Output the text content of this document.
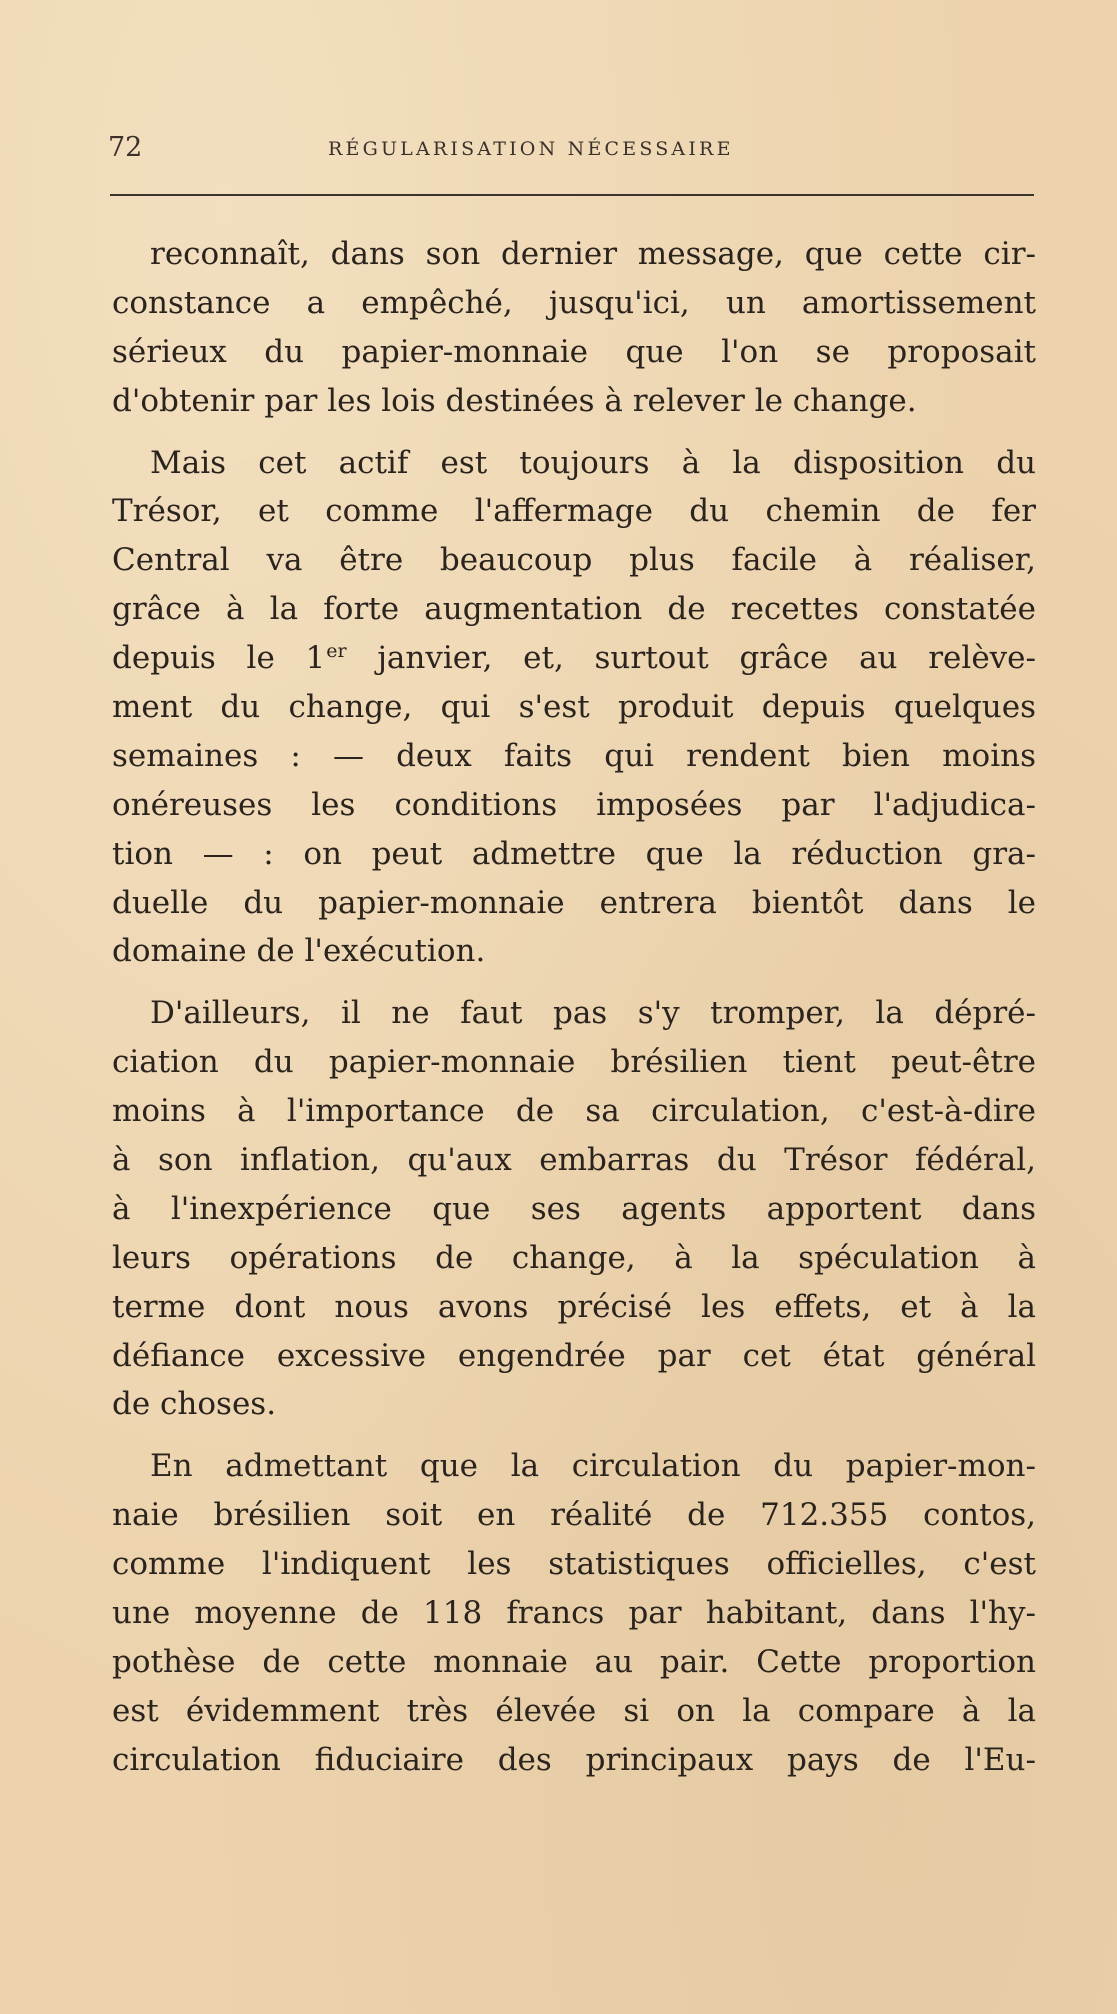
72	RÉGULARISATION NÉCESSAIRE
reconnaît, dans son dernier message, que cette cir-
constance a empêché, jusqu'ici, un amortissement
sérieux du papier-monnaie que l'on se proposait
d'obtenir par les lois destinées à relever le change.
Mais cet actif est toujours à la disposition du
Trésor, et comme l'affermage du chemin de fer
Central va être beaucoup plus facile à réaliser,
grâce à la forte augmentation de recettes constatée
depuis le 1er janvier, et, surtout grâce au relève-
ment du change, qui s'est produit depuis quelques
semaines : — deux faits qui rendent bien moins
onéreuses les conditions imposées par l'adjudica-
tion — : on peut admettre que la réduction gra-
duelle du papier-monnaie entrera bientôt dans le
domaine de l'exécution.
D'ailleurs, il ne faut pas s'y tromper, la dépré-
ciation du papier-monnaie brésilien tient peut-être
moins à l'importance de sa circulation, c'est-à-dire
à son inflation, qu'aux embarras du Trésor fédéral,
à l'inexpérience que ses agents apportent dans
leurs opérations de change, à la spéculation à
terme dont nous avons précisé les effets, et à la
défiance excessive engendrée par cet état général
de choses.
En admettant que la circulation du papier-mon-
naie brésilien soit en réalité de 712.355 contos,
comme l'indiquent les statistiques officielles, c'est
une moyenne de 118 francs par habitant, dans l'hy-
pothèse de cette monnaie au pair. Cette proportion
est évidemment très élevée si on la compare à la
circulation fiduciaire des principaux pays de l'Eu-
